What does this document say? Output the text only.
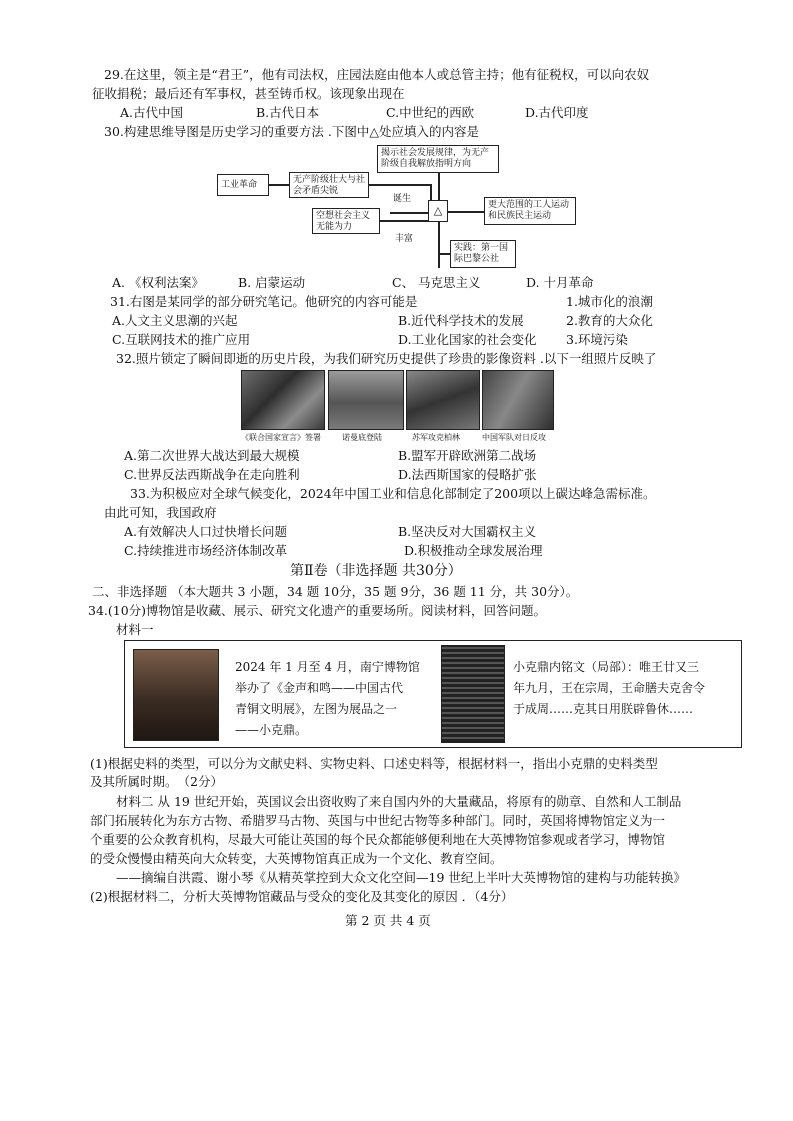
29.在这里，领主是“君王”，他有司法权，庄园法庭由他本人或总管主持；他有征税权，可以向农奴
征收捐税；最后还有军事权，甚至铸币权。该现象出现在
A.古代中国	B.古代日本	C.中世纪的西欧	D.古代印度
30.构建思维导图是历史学习的重要方法 .下图中△处应填入的内容是
工业革命	无产阶级壮大与社会矛盾尖锐
空想社会主义无能为力
诞生
丰富
△
揭示社会发展规律，为无产阶级自我解放指明方向
更大范围的工人运动和民族民主运动
实践：第一国际巴黎公社
A. 《权利法案》	B. 启蒙运动	C、 马克思主义	D. 十月革命
31.右图是某同学的部分研究笔记。他研究的内容可能是	1.城市化的浪潮
A.人文主义思潮的兴起	B.近代科学技术的发展	2.教育的大众化
C.互联网技术的推广应用	D.工业化国家的社会变化 3.环境污染
32.照片锁定了瞬间即逝的历史片段，为我们研究历史提供了珍贵的影像资料 .以下一组照片反映了
《联合国家宣言》签署	诺曼底登陆	苏军攻克柏林	中国军队对日反攻
A.第二次世界大战达到最大规模	B.盟军开辟欧洲第二战场
C.世界反法西斯战争在走向胜利	D.法西斯国家的侵略扩张
33.为积极应对全球气候变化，2024年中国工业和信息化部制定了200项以上碳达峰急需标准。
由此可知，我国政府
A.有效解决人口过快增长问题	B.坚决反对大国霸权主义
C.持续推进市场经济体制改革	D.积极推动全球发展治理
第Ⅱ卷（非选择题 共30分）
二、非选择题 （本大题共 3 小题，34 题 10分，35 题 9分，36 题 11 分，共 30分）。
34.(10分)博物馆是收藏、展示、研究文化遗产的重要场所。阅读材料，回答问题。
材料一
2024 年 1 月至 4 月，南宁博物馆
举办了《金声和鸣——中国古代
青铜文明展》，左图为展品之一
——小克鼎。
小克鼎内铭文（局部）：唯王廿又三
年九月，王在宗周，王命膳夫克舍令
于成周……克其日用朕辟鲁休……
(1)根据史料的类型，可以分为文献史料、实物史料、口述史料等，根据材料一，指出小克鼎的史料类型
及其所属时期。　（2分）
材料二 从 19 世纪开始，英国议会出资收购了来自国内外的大量藏品，将原有的勋章、自然和人工制品
部门拓展转化为东方古物、希腊罗马古物、英国与中世纪古物等多种部门。同时，英国将博物馆定义为一
个重要的公众教育机构，尽最大可能让英国的每个民众都能够便利地在大英博物馆参观或者学习，博物馆
的受众慢慢由精英向大众转变，大英博物馆真正成为一个文化、教育空间。
——摘编自洪霞、谢小琴《从精英掌控到大众文化空间—19 世纪上半叶大英博物馆的建构与功能转换》
(2)根据材料二，分析大英博物馆藏品与受众的变化及其变化的原因 ．（4分）
第 2 页 共 4 页
